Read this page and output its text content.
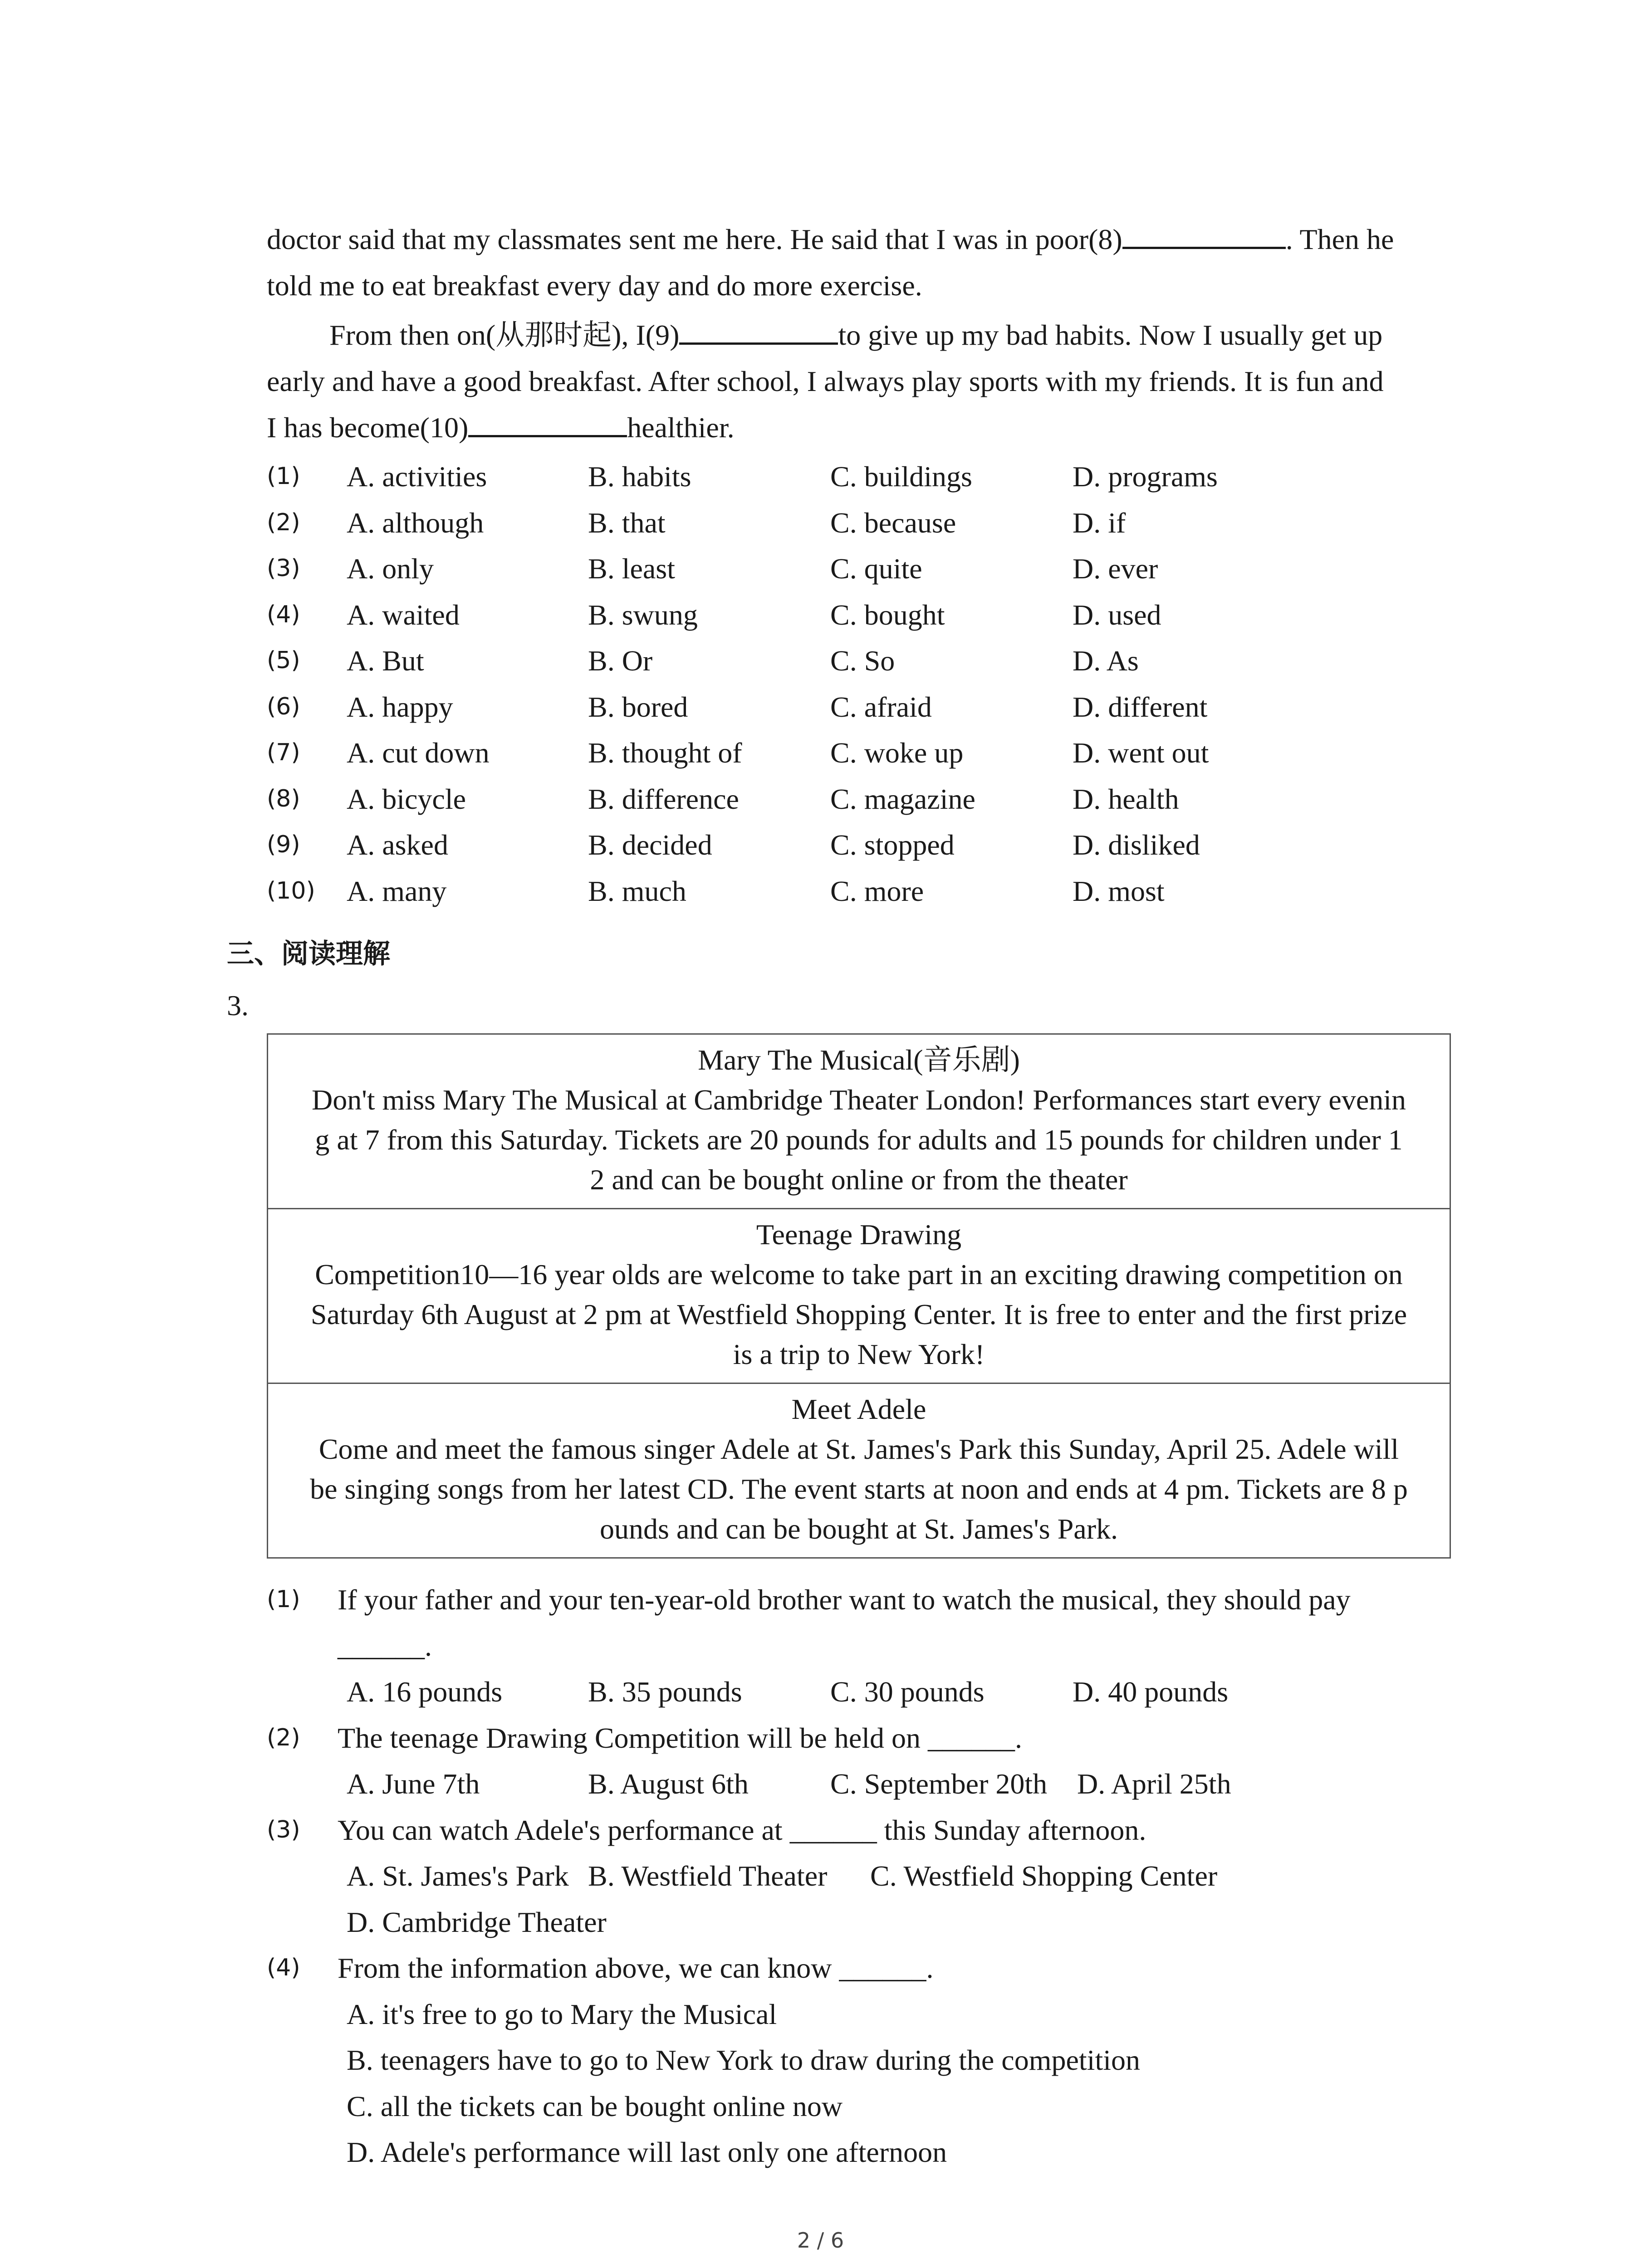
doctor said that my classmates sent me here. He said that I was in poor(8)	. Then he
told me to eat breakfast every day and do more exercise.

From then on(从那时起), I(9)	to give up my bad habits. Now I usually get up
early and have a good breakfast. After school, I always play sports with my friends. It is fun and
I has become(10)	healthier.

(1) A. activities	B. habits	C. buildings	D. programs
(2) A. although	B. that	C. because	D. if
(3) A. only	B. least	C. quite	D. ever
(4) A. waited	B. swung	C. bought	D. used
(5) A. But	B. Or	C. So	D. As
(6) A. happy	B. bored	C. afraid	D. different
(7) A. cut down	B. thought of	C. woke up	D. went out
(8) A. bicycle	B. difference	C. magazine	D. health
(9) A. asked	B. decided	C. stopped	D. disliked
(10) A. many	B. much	C. more	D. most
三、阅读理解
3.
Mary The Musical(音乐剧)
Don't miss Mary The Musical at Cambridge Theater London! Performances start every evenin
g at 7 from this Saturday. Tickets are 20 pounds for adults and 15 pounds for children under 1
2 and can be bought online or from the theater
Teenage Drawing
Competition10—16 year olds are welcome to take part in an exciting drawing competition on
Saturday 6th August at 2 pm at Westfield Shopping Center. It is free to enter and the first prize
is a trip to New York!
Meet Adele
Come and meet the famous singer Adele at St. James's Park this Sunday, April 25. Adele will
be singing songs from her latest CD. The event starts at noon and ends at 4 pm. Tickets are 8 p
ounds and can be bought at St. James's Park.
(1)	If your father and your ten-year-old brother want to watch the musical, they should pay
______.
A. 16 pounds	B. 35 pounds	C. 30 pounds	D. 40 pounds
(2)	The teenage Drawing Competition will be held on ______.
A. June 7th	B. August 6th	C. September 20th D. April 25th
(3)	You can watch Adele's performance at ______ this Sunday afternoon.
A. St. James's Park B. Westfield Theater C. Westfield Shopping Center
D. Cambridge Theater
(4)	From the information above, we can know ______.
A. it's free to go to Mary the Musical
B. teenagers have to go to New York to draw during the competition
C. all the tickets can be bought online now
D. Adele's performance will last only one afternoon
2 / 6
